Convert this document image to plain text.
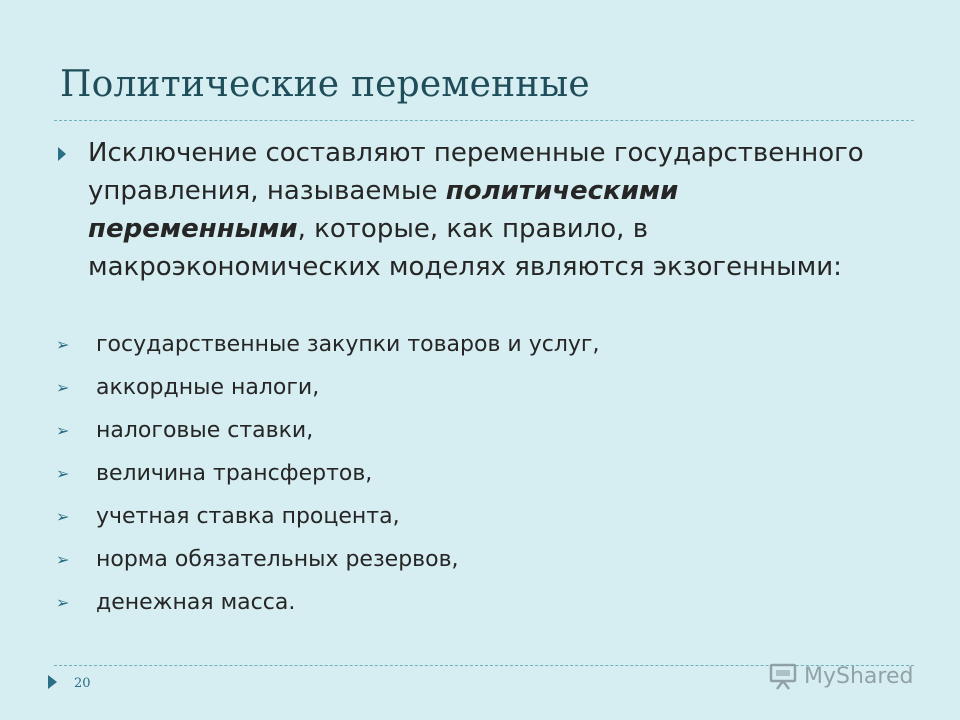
Политические переменные
Исключение составляют переменные государственного управления, называемые политическими переменными, которые, как правило, в макроэкономических моделях являются экзогенными:
➢ государственные закупки товаров и услуг,
➢ аккордные налоги,
➢ налоговые ставки,
➢ величина трансфертов,
➢ учетная ставка процента,
➢ норма обязательных резервов,
➢ денежная масса.
20	MyShared
